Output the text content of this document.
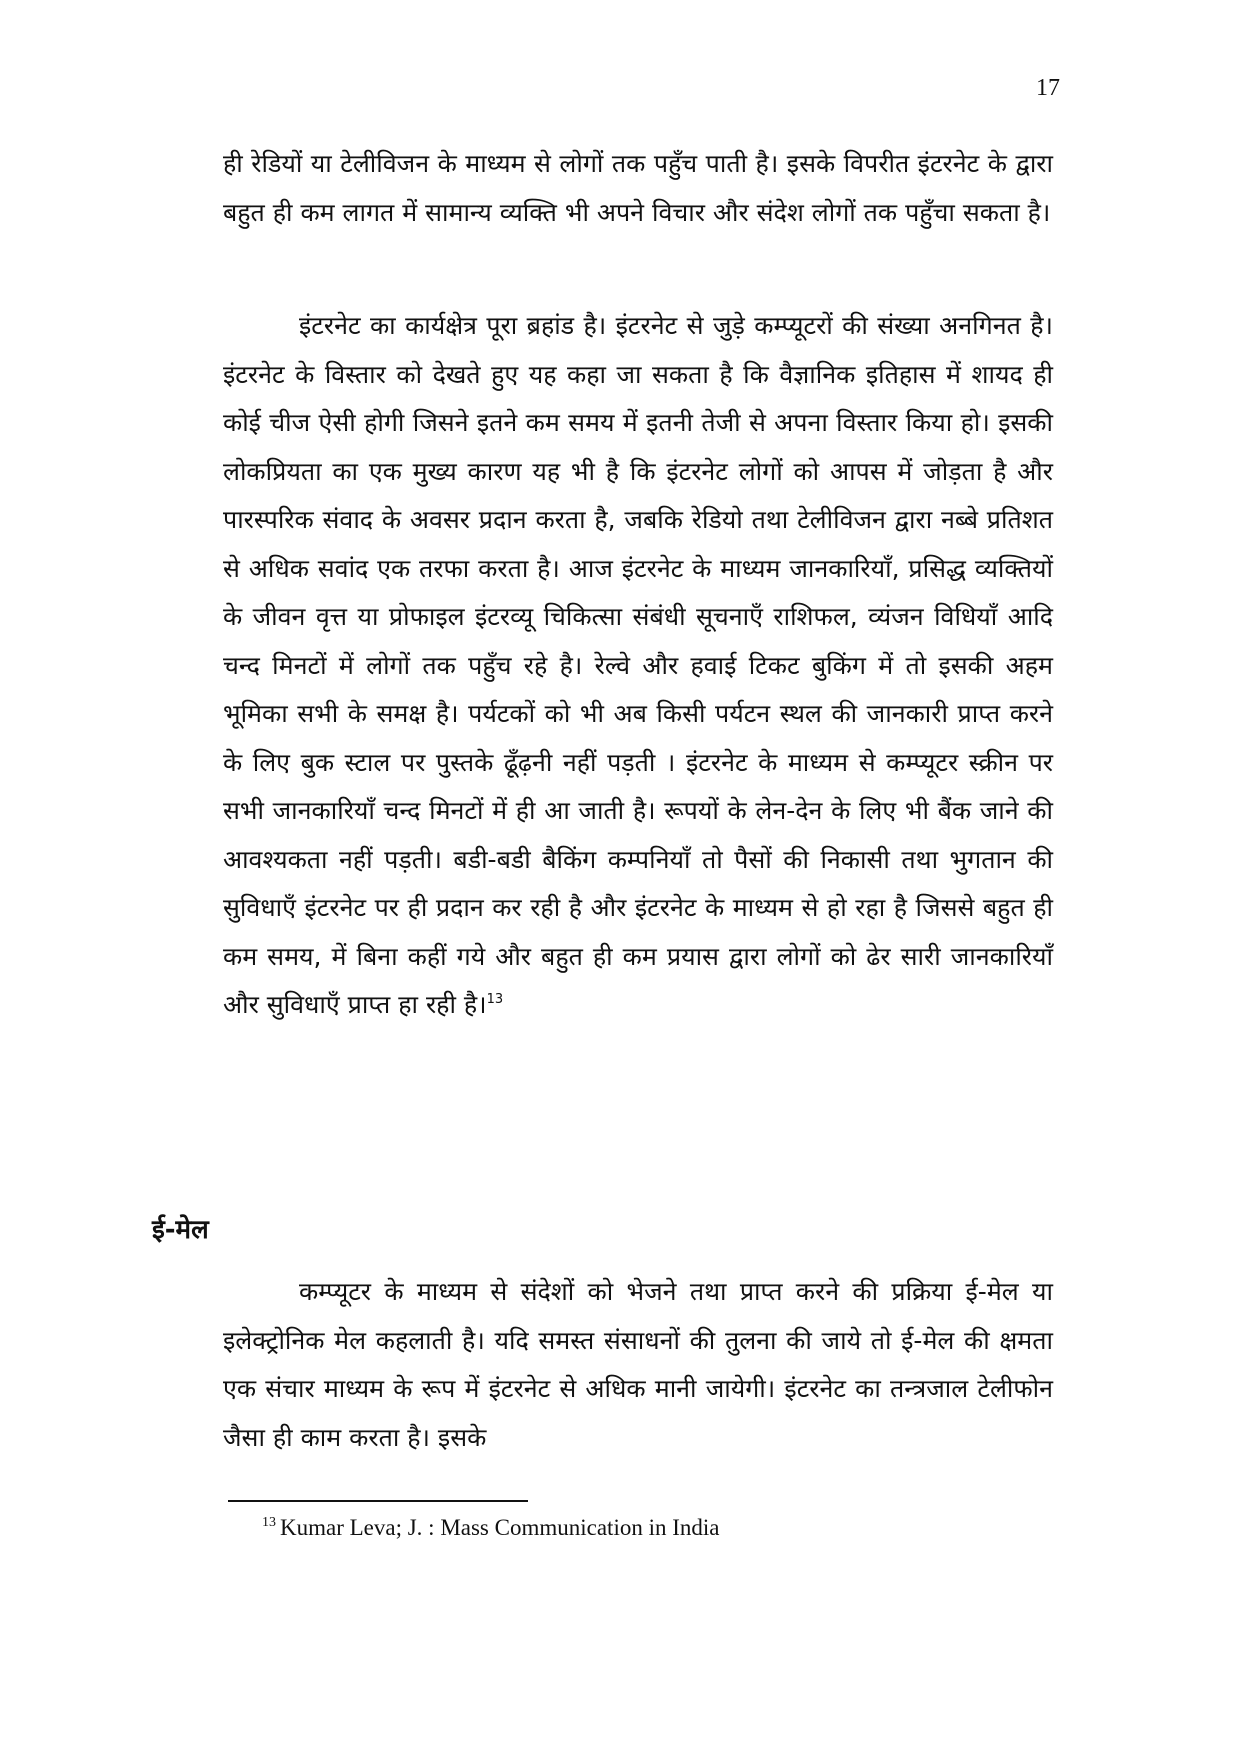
17

ही रेडियों या टेलीविजन के माध्यम से लोगों तक पहुँच पाती है। इसके विपरीत इंटरनेट के द्वारा बहुत ही कम लागत में सामान्य व्यक्ति भी अपने विचार और संदेश लोगों तक पहुँचा सकता है।

इंटरनेट का कार्यक्षेत्र पूरा ब्रहांड है। इंटरनेट से जुड़े कम्प्यूटरों की संख्या अनगिनत है। इंटरनेट के विस्तार को देखते हुए यह कहा जा सकता है कि वैज्ञानिक इतिहास में शायद ही कोई चीज ऐसी होगी जिसने इतने कम समय में इतनी तेजी से अपना विस्तार किया हो। इसकी लोकप्रियता का एक मुख्य कारण यह भी है कि इंटरनेट लोगों को आपस में जोड़ता है और पारस्परिक संवाद के अवसर प्रदान करता है, जबकि रेडियो तथा टेलीविजन द्वारा नब्बे प्रतिशत से अधिक सवांद एक तरफा करता है। आज इंटरनेट के माध्यम जानकारियाँ, प्रसिद्ध व्यक्तियों के जीवन वृत्त या प्रोफाइल इंटरव्यू चिकित्सा संबंधी सूचनाएँ राशिफल, व्यंजन विधियाँ आदि चन्द मिनटों में लोगों तक पहुँच रहे है। रेल्वे और हवाई टिकट बुकिंग में तो इसकी अहम भूमिका सभी के समक्ष है। पर्यटकों को भी अब किसी पर्यटन स्थल की जानकारी प्राप्त करने के लिए बुक स्टाल पर पुस्तके ढूँढ़नी नहीं पड़ती । इंटरनेट के माध्यम से कम्प्यूटर स्क्रीन पर सभी जानकारियाँ चन्द मिनटों में ही आ जाती है। रूपयों के लेन-देन के लिए भी बैंक जाने की आवश्यकता नहीं पड़ती। बडी-बडी बैकिंग कम्पनियाँ तो पैसों की निकासी तथा भुगतान की सुविधाएँ इंटरनेट पर ही प्रदान कर रही है और इंटरनेट के माध्यम से हो रहा है जिससे बहुत ही कम समय, में बिना कहीं गये और बहुत ही कम प्रयास द्वारा लोगों को ढेर सारी जानकारियाँ और सुविधाएँ प्राप्त हा रही है।$^{13}$

ई-मेल

कम्प्यूटर के माध्यम से संदेशों को भेजने तथा प्राप्त करने की प्रक्रिया ई-मेल या इलेक्ट्रोनिक मेल कहलाती है। यदि समस्त संसाधनों की तुलना की जाये तो ई-मेल की क्षमता एक संचार माध्यम के रूप में इंटरनेट से अधिक मानी जायेगी। इंटरनेट का तन्त्रजाल टेलीफोन जैसा ही काम करता है। इसके

$^{13}$ Kumar Leva; J. : Mass Communication in India
